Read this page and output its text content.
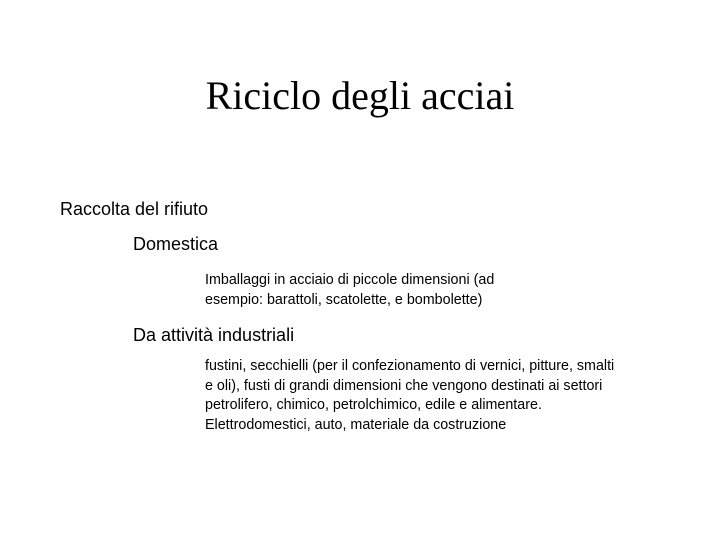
Riciclo degli acciai
Raccolta del rifiuto
Domestica
Imballaggi in acciaio di piccole dimensioni (ad
esempio: barattoli, scatolette, e bombolette)
Da attività industriali
fustini, secchielli (per il confezionamento di vernici, pitture, smalti
e oli), fusti di grandi dimensioni che vengono destinati ai settori
petrolifero, chimico, petrolchimico, edile e alimentare.
Elettrodomestici, auto, materiale da costruzione
